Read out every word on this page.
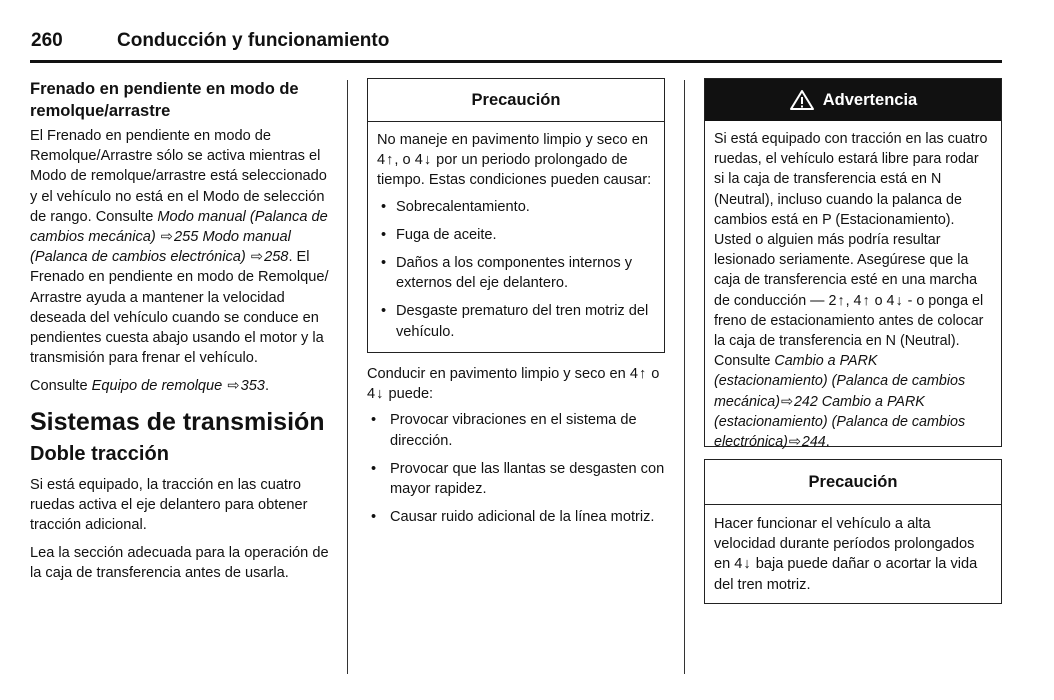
260	Conducción y funcionamiento

Frenado en pendiente en modo de remolque/arrastre

El Frenado en pendiente en modo de Remolque/Arrastre sólo se activa mientras el Modo de remolque/arrastre está seleccionado y el vehículo no está en el Modo de selección de rango. Consulte Modo manual (Palanca de cambios mecánica) ⇨255 Modo manual (Palanca de cambios electrónica) ⇨258. El Frenado en pendiente en modo de Remolque/ Arrastre ayuda a mantener la velocidad deseada del vehículo cuando se conduce en pendientes cuesta abajo usando el motor y la transmisión para frenar el vehículo.

Consulte Equipo de remolque ⇨353.

Sistemas de transmisión

Doble tracción

Si está equipado, la tracción en las cuatro ruedas activa el eje delantero para obtener tracción adicional.

Lea la sección adecuada para la operación de la caja de transferencia antes de usarla.

Precaución

No maneje en pavimento limpio y seco en 4↑, o 4↓ por un periodo prolongado de tiempo. Estas condiciones pueden causar:

• Sobrecalentamiento.
• Fuga de aceite.
• Daños a los componentes internos y externos del eje delantero.
• Desgaste prematuro del tren motriz del vehículo.

Conducir en pavimento limpio y seco en 4↑ o 4↓ puede:

• Provocar vibraciones en el sistema de dirección.
• Provocar que las llantas se desgasten con mayor rapidez.
• Causar ruido adicional de la línea motriz.
Advertencia

Si está equipado con tracción en las cuatro ruedas, el vehículo estará libre para rodar si la caja de transferencia está en N (Neutral), incluso cuando la palanca de cambios está en P (Estacionamiento). Usted o alguien más podría resultar lesionado seriamente. Asegúrese que la caja de transferencia esté en una marcha de conducción — 2↑, 4↑ o 4↓ - o ponga el freno de estacionamiento antes de colocar la caja de transferencia en N (Neutral). Consulte Cambio a PARK (estacionamiento) (Palanca de cambios mecánica)⇨242 Cambio a PARK (estacionamiento) (Palanca de cambios electrónica)⇨244.

Precaución

Hacer funcionar el vehículo a alta velocidad durante períodos prolongados en 4↓ baja puede dañar o acortar la vida del tren motriz.
